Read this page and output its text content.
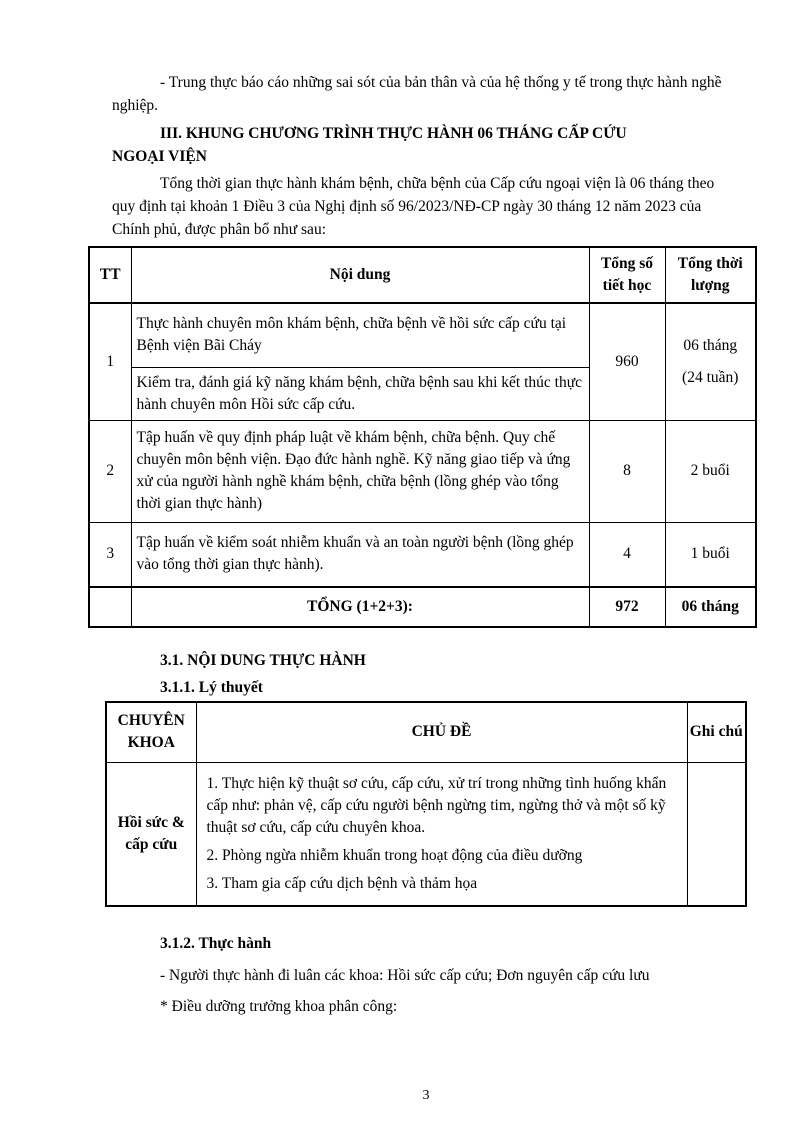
- Trung thực báo cáo những sai sót của bản thân và của hệ thống y tế trong thực hành nghề nghiệp.

III. KHUNG CHƯƠNG TRÌNH THỰC HÀNH 06 THÁNG CẤP CỨU
NGOẠI VIỆN

Tổng thời gian thực hành khám bệnh, chữa bệnh của Cấp cứu ngoại viện là 06 tháng theo quy định tại khoản 1 Điều 3 của Nghị định số 96/2023/NĐ-CP ngày 30 tháng 12 năm 2023 của Chính phủ, được phân bổ như sau:

TT	Nội dung	Tổng số tiết học	Tổng thời lượng
1	Thực hành chuyên môn khám bệnh, chữa bệnh về hồi sức cấp cứu tại Bệnh viện Bãi Cháy	960	06 tháng (24 tuần)
	Kiểm tra, đánh giá kỹ năng khám bệnh, chữa bệnh sau khi kết thúc thực hành chuyên môn Hồi sức cấp cứu.		
2	Tập huấn về quy định pháp luật về khám bệnh, chữa bệnh. Quy chế chuyên môn bệnh viện. Đạo đức hành nghề. Kỹ năng giao tiếp và ứng xử của người hành nghề khám bệnh, chữa bệnh (lồng ghép vào tổng thời gian thực hành)	8	2 buổi
3	Tập huấn về kiểm soát nhiễm khuẩn và an toàn người bệnh (lồng ghép vào tổng thời gian thực hành).	4	1 buổi
	TỔNG (1+2+3):	972	06 tháng

3.1. NỘI DUNG THỰC HÀNH

3.1.1. Lý thuyết

CHUYÊN KHOA	CHỦ ĐỀ	Ghi chú
Hồi sức & cấp cứu	1. Thực hiện kỹ thuật sơ cứu, cấp cứu, xử trí trong những tình huống khẩn cấp như: phản vệ, cấp cứu người bệnh ngừng tim, ngừng thở và một số kỹ thuật sơ cứu, cấp cứu chuyên khoa.

2. Phòng ngừa nhiễm khuẩn trong hoạt động của điều dưỡng

3. Tham gia cấp cứu dịch bệnh và thảm họa	

3.1.2. Thực hành

- Người thực hành đi luân các khoa: Hồi sức cấp cứu; Đơn nguyên cấp cứu lưu

* Điều dưỡng trưởng khoa phân công:

3
